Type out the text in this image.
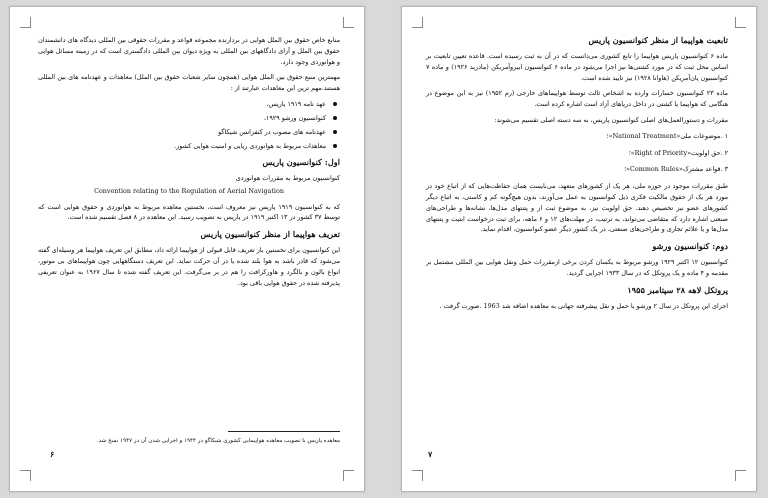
منابع خاص حقوق بین الملل هوایی در بردارنده مجموعه قواعد و مقررات حقوقی بین المللی دیدگاه های دانشمندان حقوق بین الملل و آرای دادگاههای بین المللی به ویژه دیوان بین المللی دادگستری است که در زمینه مسائل هوایی و هوانوردی وجود دارد.

مهمترین منبع حقوق بین الملل هوایی (همچون سایر شعبات حقوق بین الملل) معاهدات و عهدنامه های بین المللی هستند.مهم ترین این معاهدات عبارتند از :

عهد نامه ۱۹۱۹ پاریس،
کنوانسیون ورشو ۱۹۲۹،
عهدنامه های مصوب در کنفرانس شیکاگو
معاهدات مربوط به هوانوردی ریایی و امنیت هوایی کشور.
اول: کنوانسیون پاریس

کنوانسیون مربوط به مقررات هوانوردی

Convention relating to the Regulation of Aerial Navigation

که به کنوانسیون ۱۹۱۹ پاریس نیز معروف است، نخستین معاهده مربوط به هوانوردی و حقوق هوایی است که توسط ۳۷ کشور در ۱۳ اکتبر ۱۹۱۹ در پاریس به تصویب رسید. این معاهده در ۸ فصل تقسیم شده است.

تعریف هواپیما از منظر کنوانسیون پاریس

این کنوانسیون برای نخستین بار تعریف قابل قبولی از هواپیما ارائه داد، مطابق این تعریف هواپیما هر وسیله‌ای گفته می‌شود که قادر باشد به هوا بلند شده یا در آن حرکت نماید. این تعریف دستگاههایی چون هواپیماهای بی موتور، انواع بالون و بالگرد و هاورکرافت را هم در بر می‌گرفت. این تعریف گفته شده تا سال ۱۹۶۷ به عنوان تعریفی پذیرفته شده در حقوق هوایی باقی بود.

معاهده پاریس با تصویب معاهده هواپیمایی کشوری شیکاگو در ۱۹۴۴ و اجرایی شدن آن در ۱۹۴۷ نسخ شد.
۶
تابعیت هواپیما از منظر کنوانسیون پاریس

ماده ۶ کنوانسیون پاریس هواپیما را تابع کشوری می‌دانست که در آن به ثبت رسیده است. قاعده تعیین تابعیت بر اساس محل ثبت که در مورد کشتی‌ها نیز اجرا می‌شود در ماده ۶ کنوانسیون ایبروآمریکن (مادرید ۱۹۲۶) و ماده ۷ کنوانسیون پان‌آمریکن (هاوانا ۱۹۲۸) نیز تایید شده است.

ماده ۲۳ کنوانسیون خسارات وارده به اشخاص ثالث توسط هواپیماهای خارجی (رم ۱۹۵۲) نیز به این موضوع در هنگامی که هواپیما یا کشتی در داخل دریاهای آزاد است اشاره کرده است.

مقررات و دستورالعمل‌های اصلی کنوانسیون پاریس، به سه دسته اصلی تقسیم می‌شوند:

۱ .موضوعات ملی«National Treatment»؛
۲ .حق اولویت«Right of Priority»؛
۳ .قواعد مشترک«Common Rules»؛

طبق مقررات موجود در حوزه ملی، هر یک از کشورهای متعهد، می‌بایست همان حفاظت‌هایی که از اتباع خود در مورد هر یک از حقوق مالکیت فکری ذیل کنوانسیون به عمل می‌آورند، بدون هیچ‌گونه کم و کاستی، به اتباع دیگر کشورهای عضو نیز تخصیص دهند. حق اولویت نیز، به موضوع ثبت از و پتنتهای مدل‌ها، نشانه‌ها و طراحی‌های صنعتی اشاره دارد که متقاضی می‌تواند، به ترتیب، در مهلت‌های ۱۲ و ۶ ماهه، برای ثبت درخواست ابتیت و پتنتهای مدل‌ها و یا علائم تجاری و طراحی‌های صنعتی، در یک کشور دیگر عضو کنوانسیون، اقدام نماید.

دوم: کنوانسیون ورشو

کنوانسیون ۱۲ اکتبر ۱۹۲۹ ورشو مربوط به یکسان کردن برخی ازمقررات حمل ونقل هوایی بین المللی مشتمل بر مقدمه و ۴ ماده و یک پروتکل که در سال ۱۹۳۳ اجرایی گردید.

پروتکل لاهه ۲۸ سپتامبر ۱۹۵۵

اجرای این پروتکل در سال ۲ ورشو با حمل و نقل پیشرفته جهانی به معاهده اضافه شد 1963 .صورت گرفت .

۷
